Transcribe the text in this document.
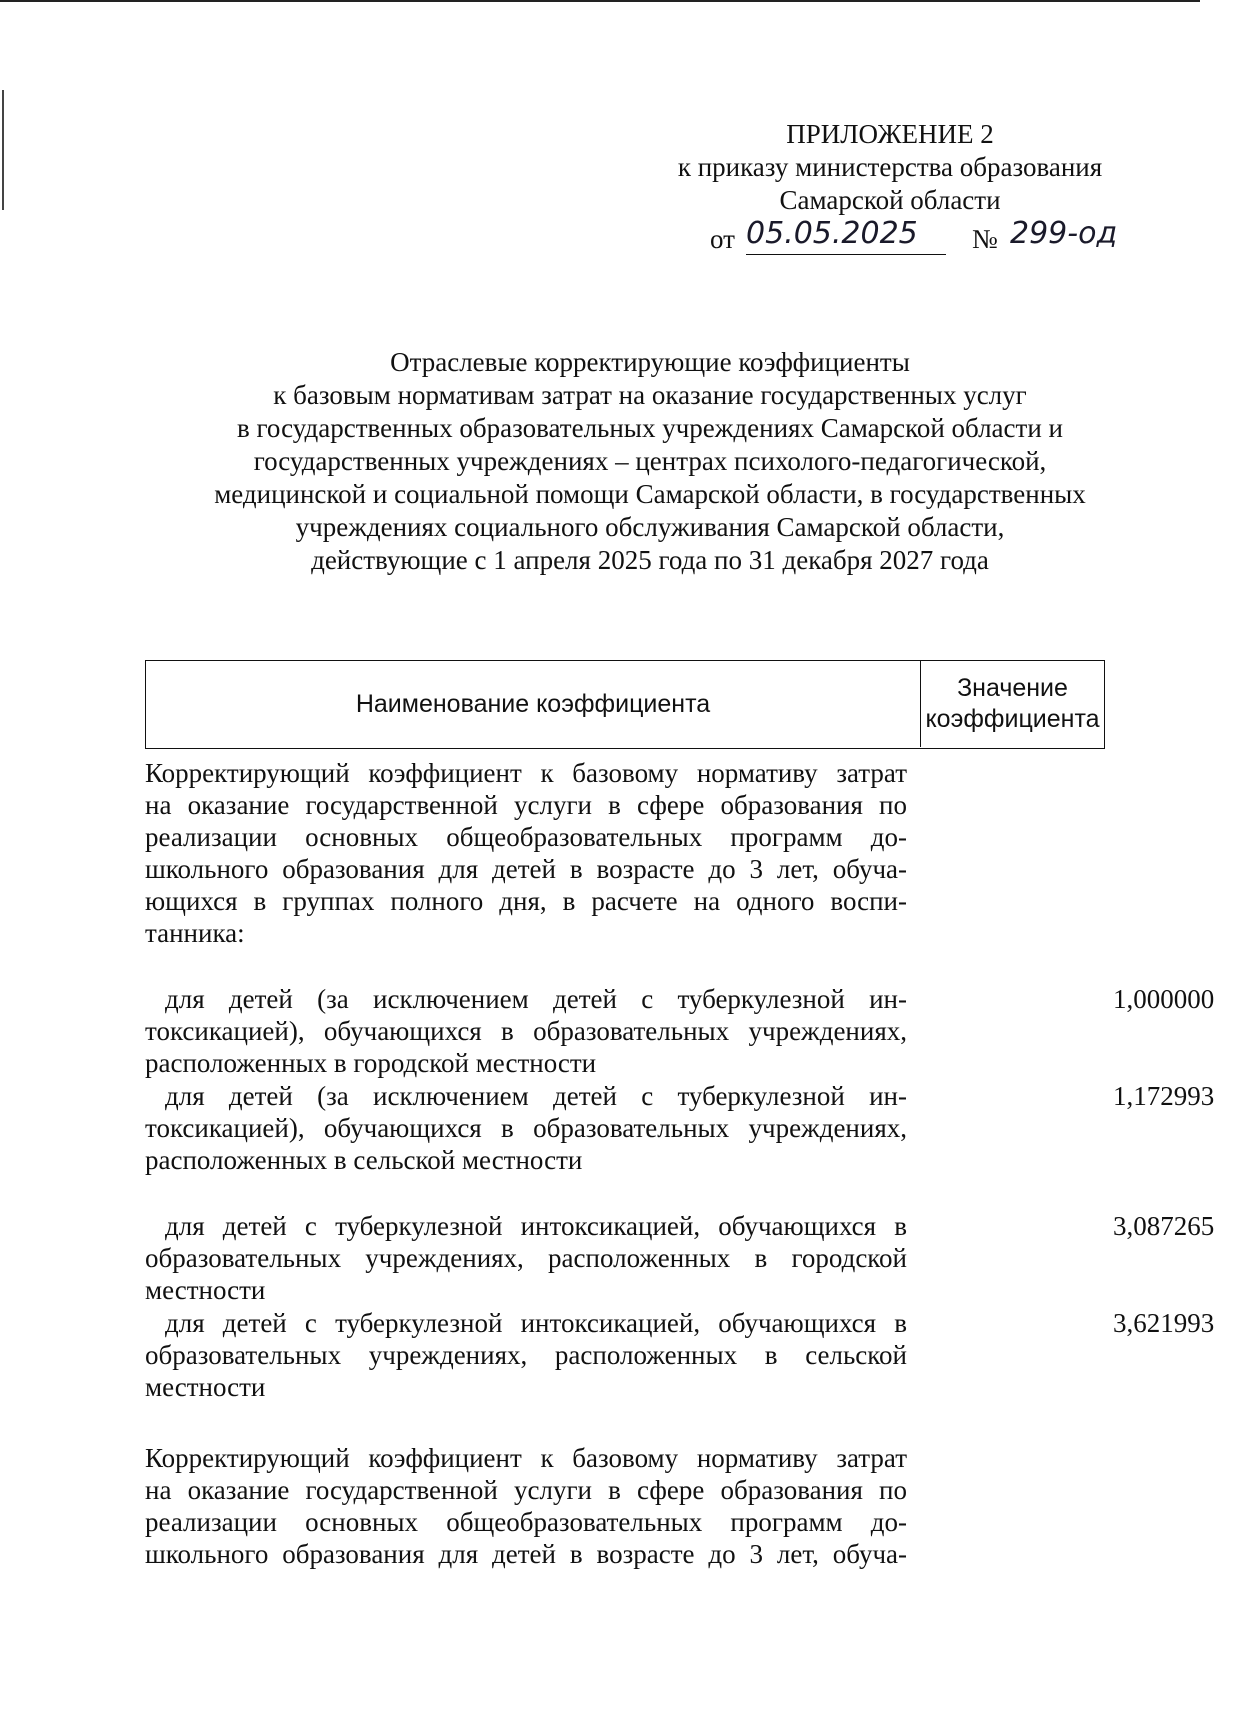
ПРИЛОЖЕНИЕ 2
к приказу министерства образования
Самарской области
от 05.05.2025	№ 299-од
Отраслевые корректирующие коэффициенты
к базовым нормативам затрат на оказание государственных услуг
в государственных образовательных учреждениях Самарской области и
государственных учреждениях – центрах психолого-педагогической,
медицинской и социальной помощи Самарской области, в государственных
учреждениях социального обслуживания Самарской области,
действующие с 1 апреля 2025 года по 31 декабря 2027 года
Наименование коэффициента
Значение
коэффициента
Корректирующий коэффициент к базовому нормативу затрат
на оказание государственной услуги в сфере образования по
реализации основных общеобразовательных программ до-
школьного образования для детей в возрасте до 3 лет, обуча-
ющихся в группах полного дня, в расчете на одного воспи-
танника:
для детей (за исключением детей с туберкулезной ин-
токсикацией), обучающихся в образовательных учреждениях,
расположенных в городской местности
1,000000
для детей (за исключением детей с туберкулезной ин-
токсикацией), обучающихся в образовательных учреждениях,
расположенных в сельской местности
1,172993
для детей с туберкулезной интоксикацией, обучающихся в
образовательных учреждениях, расположенных в городской
местности
3,087265
для детей с туберкулезной интоксикацией, обучающихся в
образовательных учреждениях, расположенных в сельской
местности
3,621993
Корректирующий коэффициент к базовому нормативу затрат
на оказание государственной услуги в сфере образования по
реализации основных общеобразовательных программ до-
школьного образования для детей в возрасте до 3 лет, обуча-
